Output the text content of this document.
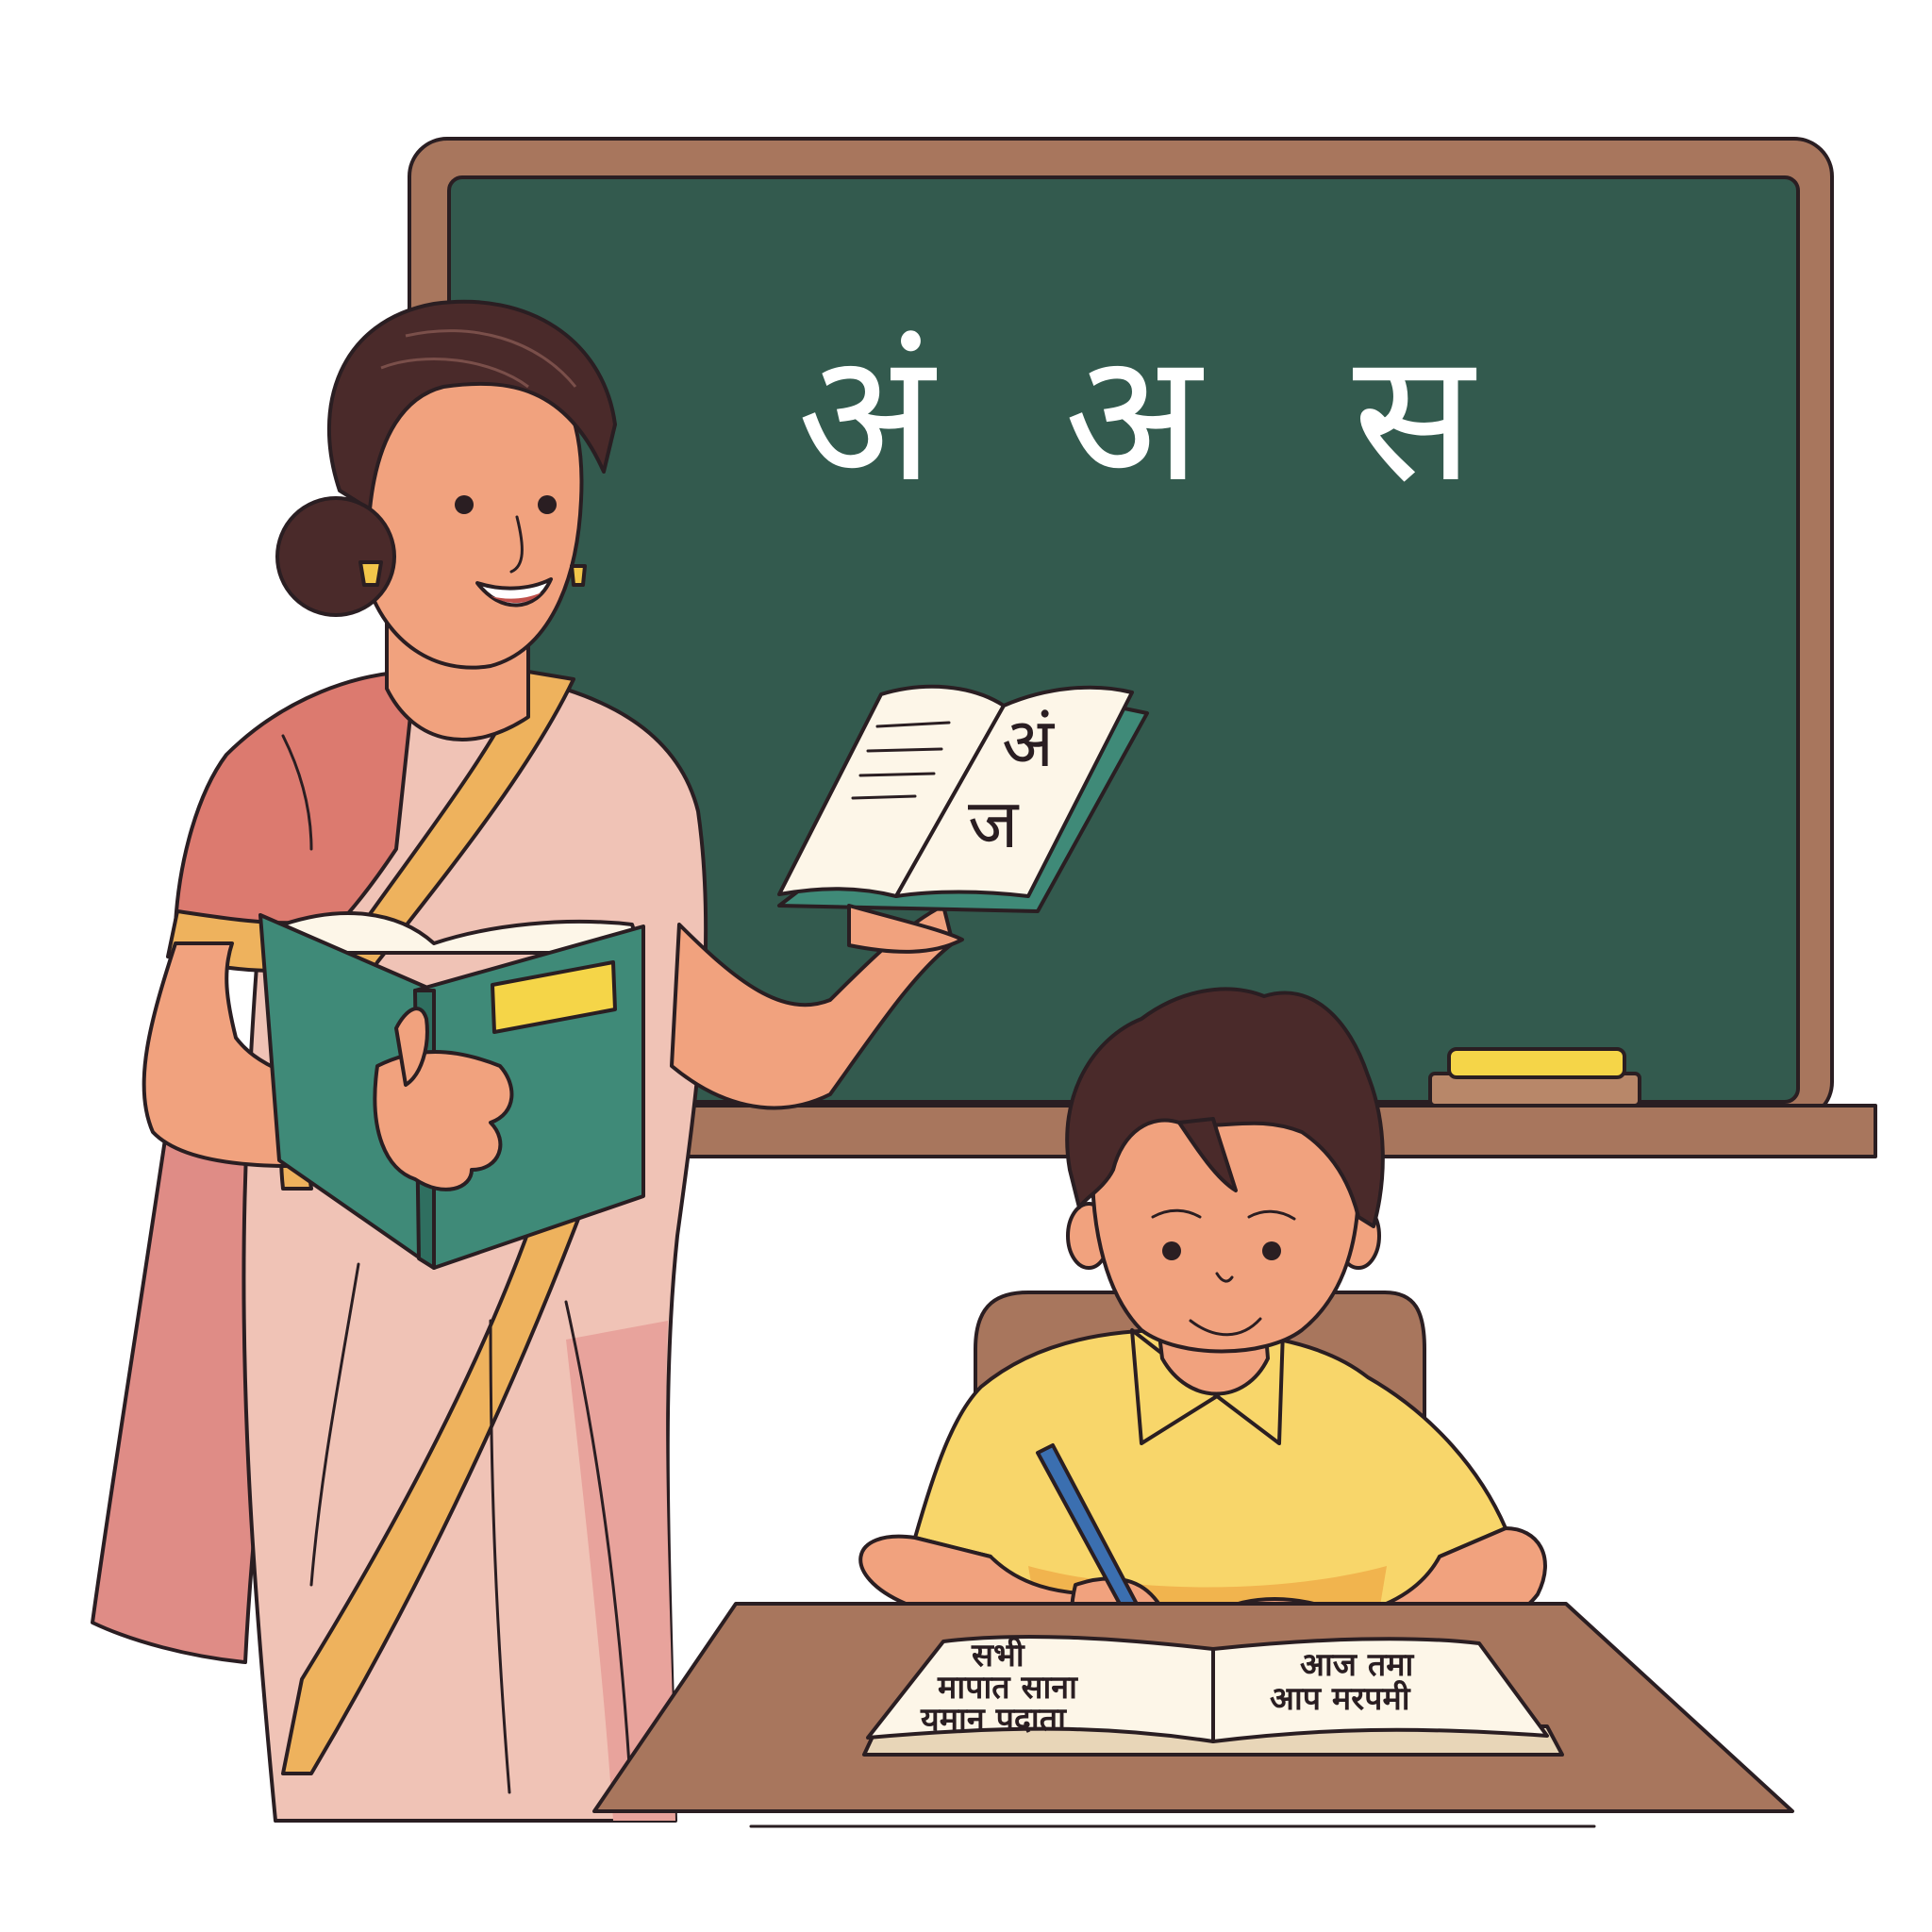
अं अ स
अं
ज
सभी
मापात साना
यमान पदाता
आज तमा
आप मरपमी
